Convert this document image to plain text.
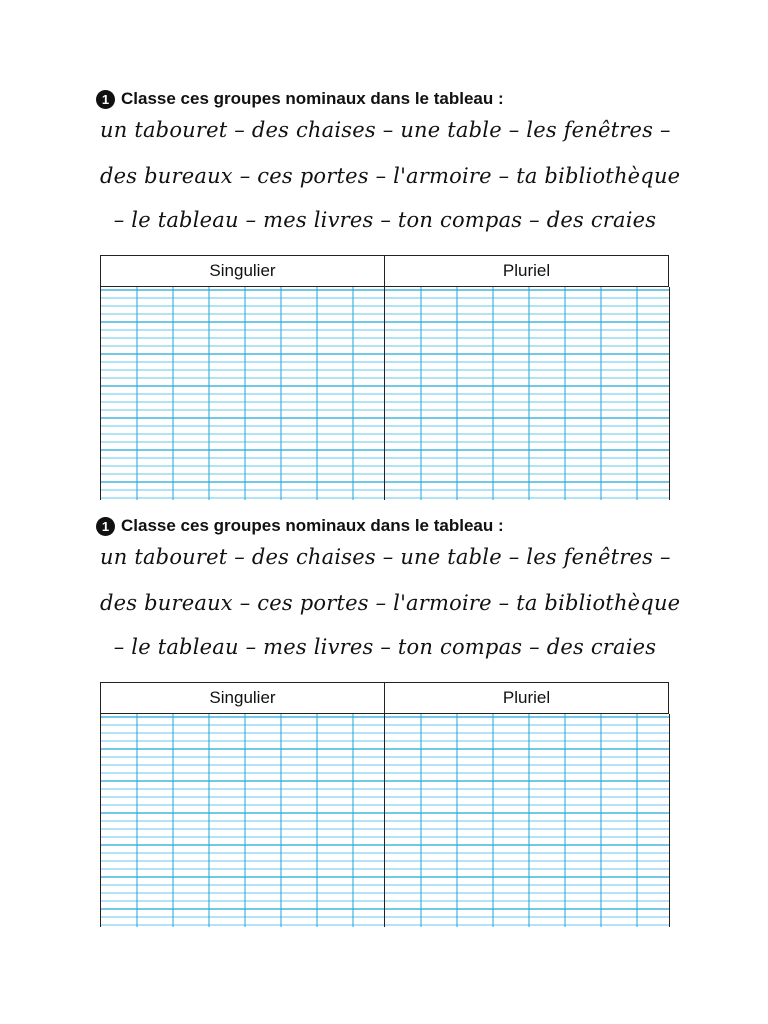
1 Classe ces groupes nominaux dans le tableau :
un tabouret – des chaises – une table – les fenêtres –
des bureaux – ces portes – l'armoire – ta bibliothèque
– le tableau – mes livres – ton compas – des craies
Singulier	Pluriel
1 Classe ces groupes nominaux dans le tableau :
un tabouret – des chaises – une table – les fenêtres –
des bureaux – ces portes – l'armoire – ta bibliothèque
– le tableau – mes livres – ton compas – des craies
Singulier	Pluriel
